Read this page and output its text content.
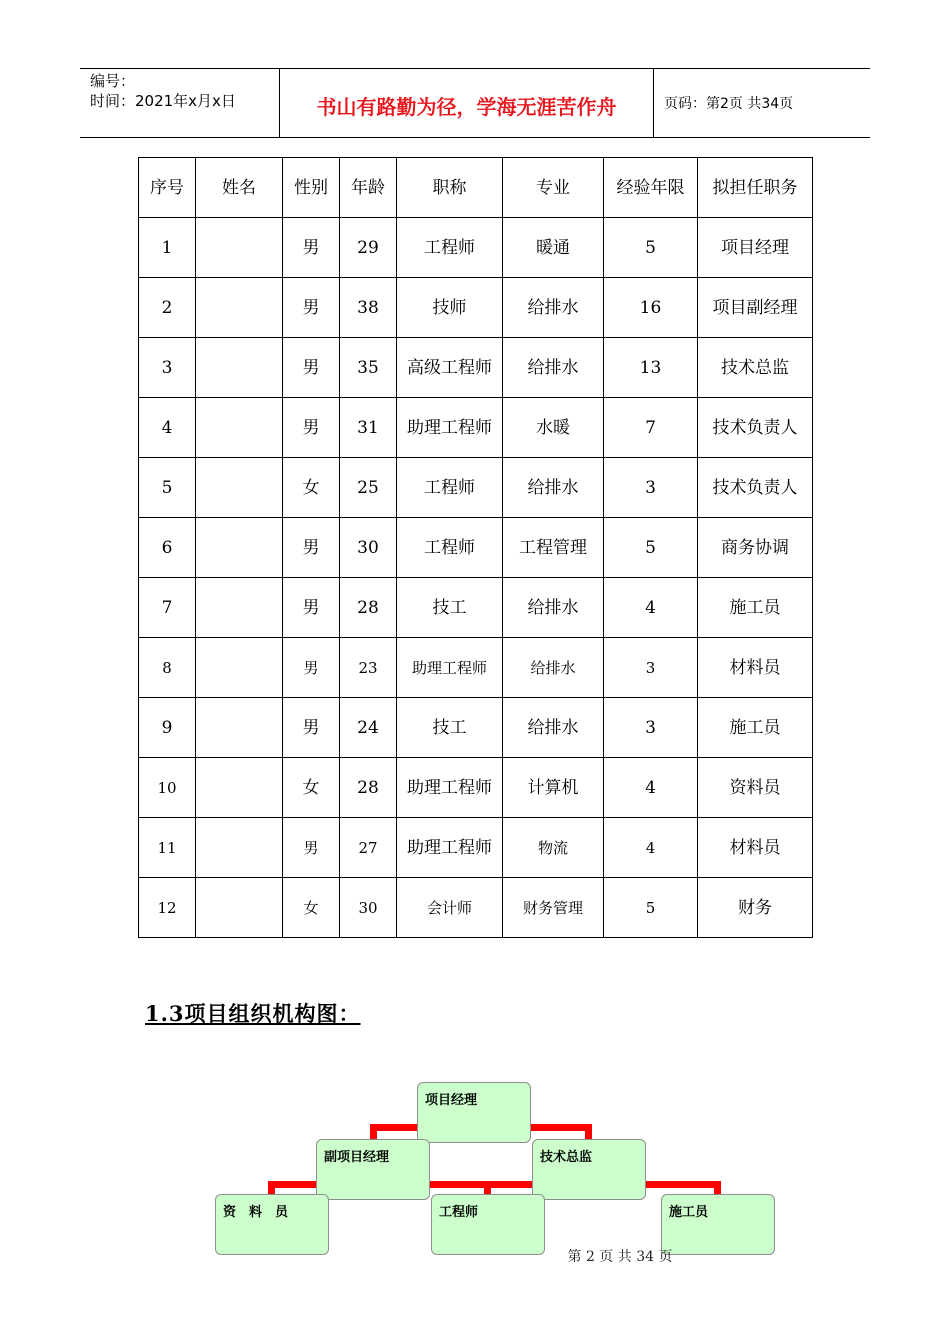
编号：
时间：2021年x月x日	书山有路勤为径，学海无涯苦作舟	页码：第2页 共34页
序号	姓名	性别	年龄	职称	专业	经验年限	拟担任职务
1		男	29	工程师	暖通	5	项目经理
2		男	38	技师	给排水	16	项目副经理
3		男	35	高级工程师	给排水	13	技术总监
4		男	31	助理工程师	水暖	7	技术负责人
5		女	25	工程师	给排水	3	技术负责人
6		男	30	工程师	工程管理	5	商务协调
7		男	28	技工	给排水	4	施工员
8		男	23	助理工程师	给排水	3	材料员
9		男	24	技工	给排水	3	施工员
10		女	28	助理工程师	计算机	4	资料员
11		男	27	助理工程师	物流	4	材料员
12		女	30	会计师	财务管理	5	财务
1.3项目组织机构图：
项目经理
副项目经理	技术总监
资　料　员	工程师	施工员
第 2 页 共 34 页
